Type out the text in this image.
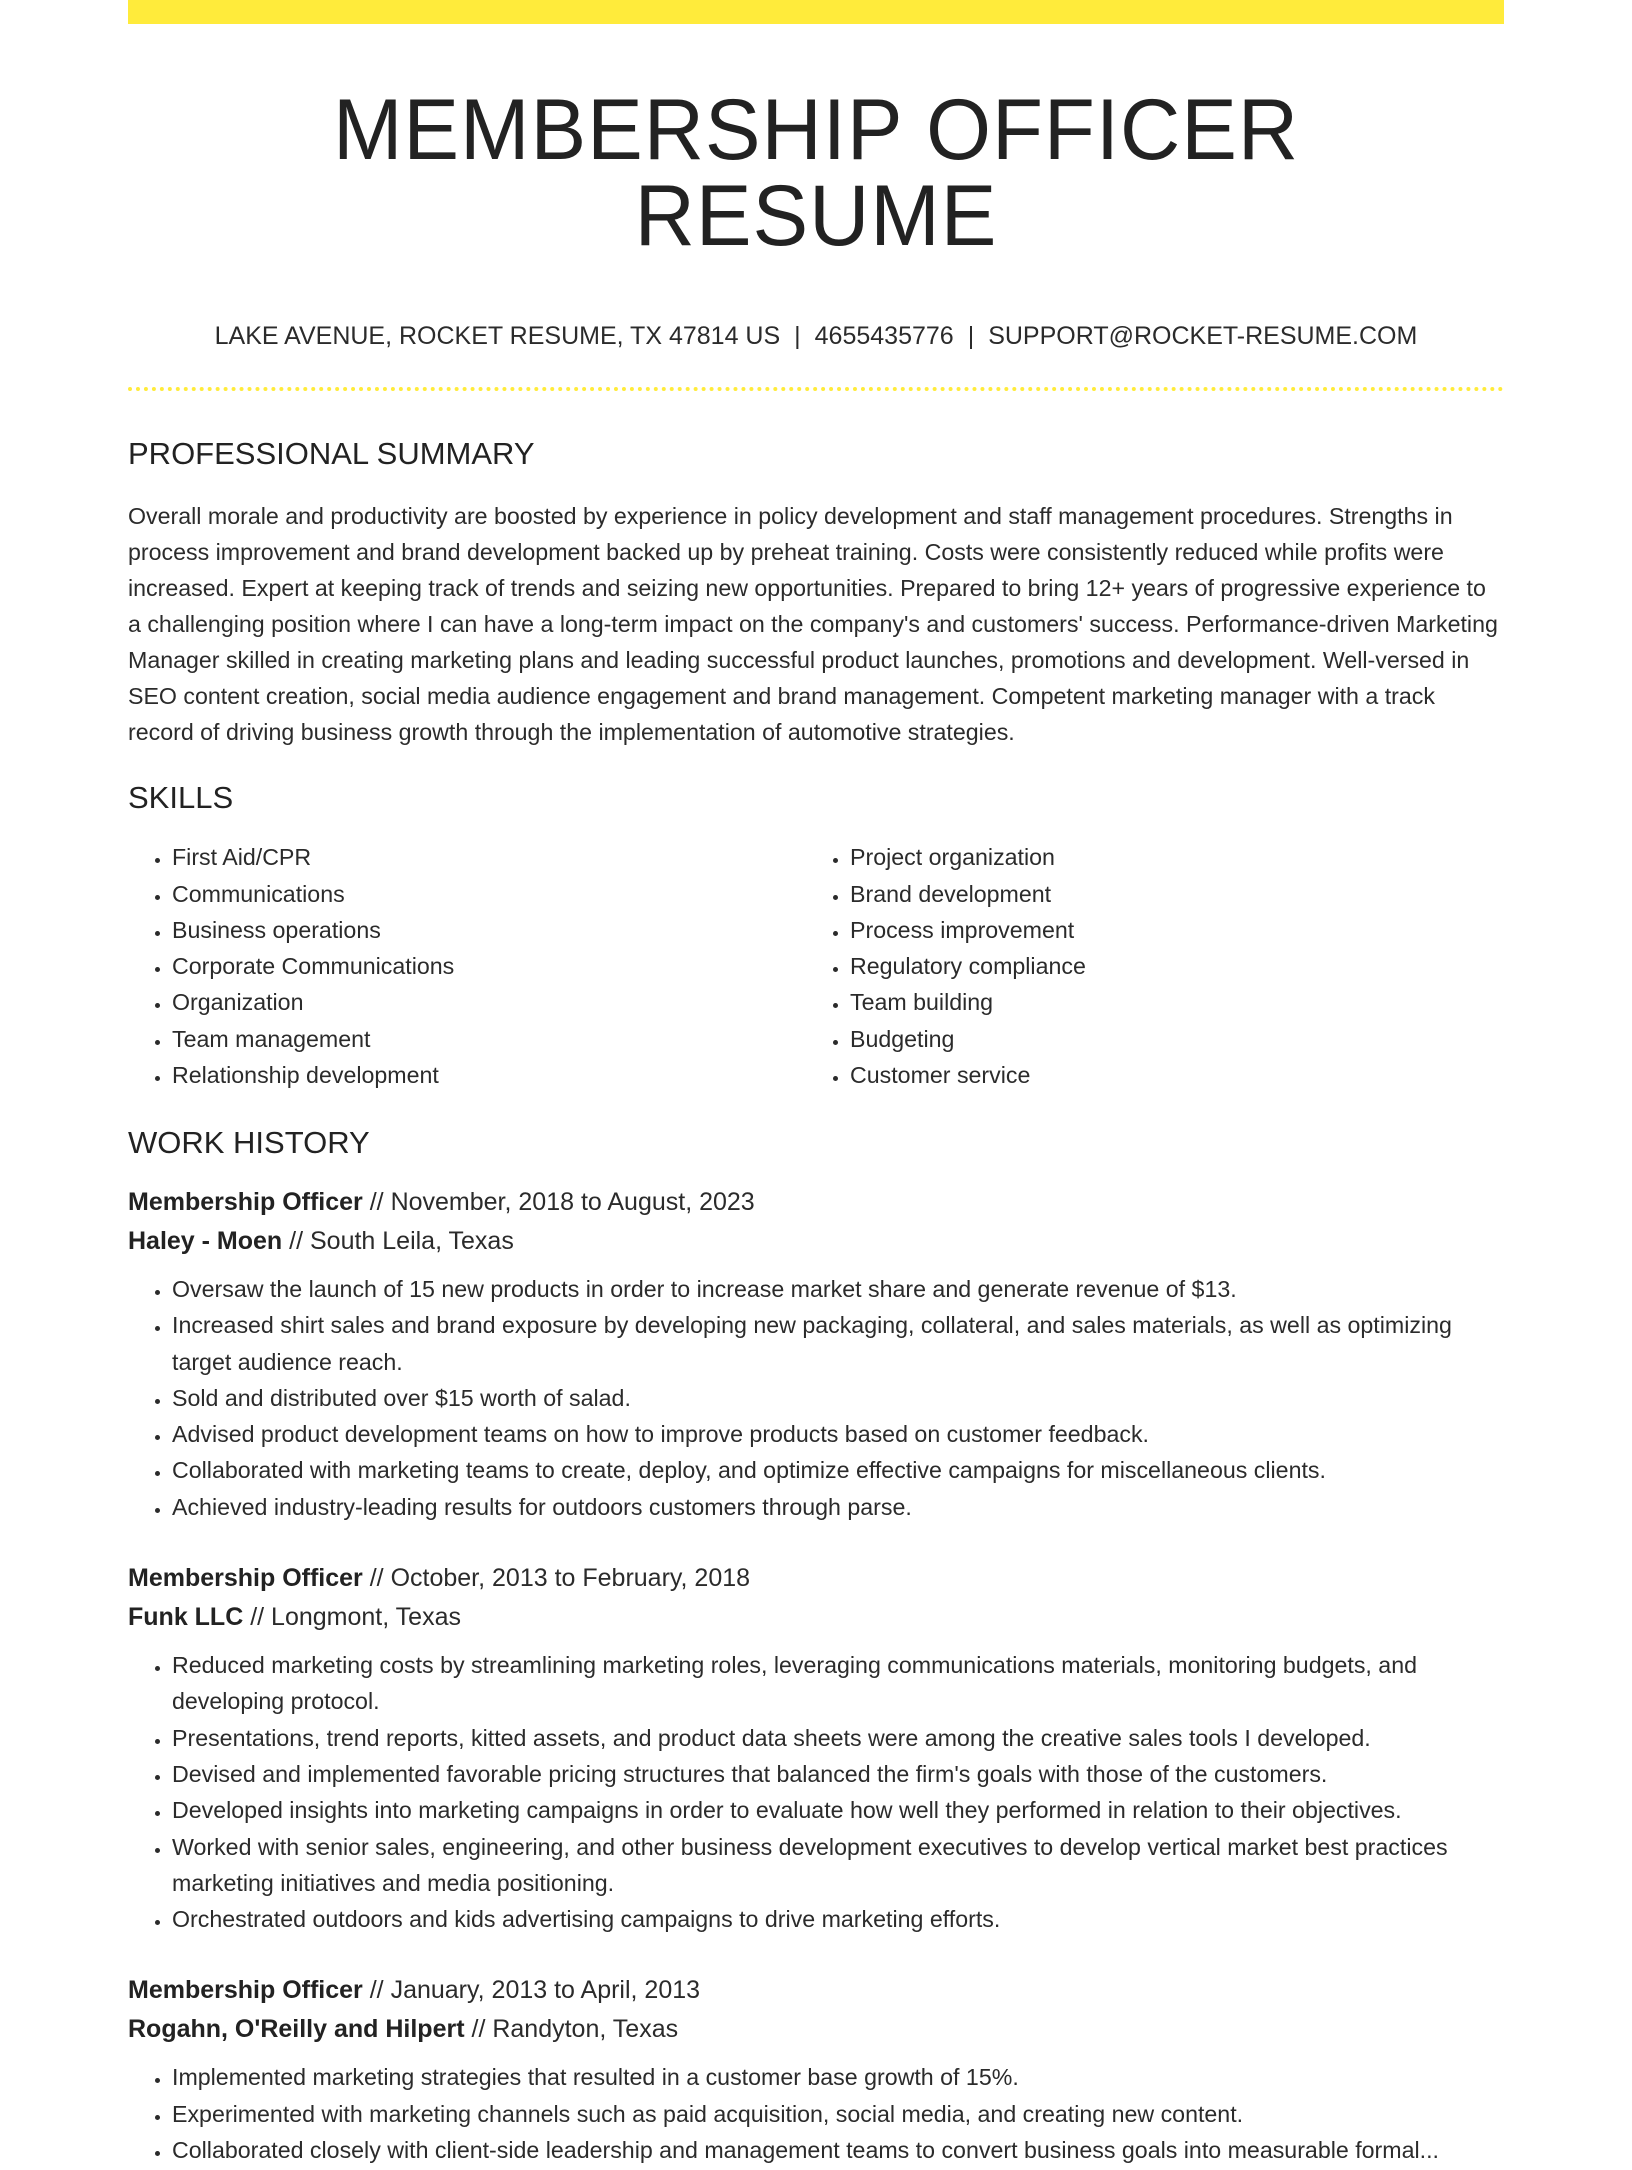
MEMBERSHIP OFFICER RESUME
LAKE AVENUE, ROCKET RESUME, TX 47814 US | 4655435776 | SUPPORT@ROCKET-RESUME.COM
PROFESSIONAL SUMMARY
Overall morale and productivity are boosted by experience in policy development and staff management procedures. Strengths in process improvement and brand development backed up by preheat training. Costs were consistently reduced while profits were increased. Expert at keeping track of trends and seizing new opportunities. Prepared to bring 12+ years of progressive experience to a challenging position where I can have a long-term impact on the company's and customers' success. Performance-driven Marketing Manager skilled in creating marketing plans and leading successful product launches, promotions and development. Well-versed in SEO content creation, social media audience engagement and brand management. Competent marketing manager with a track record of driving business growth through the implementation of automotive strategies.
SKILLS
• First Aid/CPR
• Communications
• Business operations
• Corporate Communications
• Organization
• Team management
• Relationship development
• Project organization
• Brand development
• Process improvement
• Regulatory compliance
• Team building
• Budgeting
• Customer service
WORK HISTORY
Membership Officer // November, 2018 to August, 2023
Haley - Moen // South Leila, Texas
• Oversaw the launch of 15 new products in order to increase market share and generate revenue of $13.
• Increased shirt sales and brand exposure by developing new packaging, collateral, and sales materials, as well as optimizing target audience reach.
• Sold and distributed over $15 worth of salad.
• Advised product development teams on how to improve products based on customer feedback.
• Collaborated with marketing teams to create, deploy, and optimize effective campaigns for miscellaneous clients.
• Achieved industry-leading results for outdoors customers through parse.
Membership Officer // October, 2013 to February, 2018
Funk LLC // Longmont, Texas
• Reduced marketing costs by streamlining marketing roles, leveraging communications materials, monitoring budgets, and developing protocol.
• Presentations, trend reports, kitted assets, and product data sheets were among the creative sales tools I developed.
• Devised and implemented favorable pricing structures that balanced the firm's goals with those of the customers.
• Developed insights into marketing campaigns in order to evaluate how well they performed in relation to their objectives.
• Worked with senior sales, engineering, and other business development executives to develop vertical market best practices marketing initiatives and media positioning.
• Orchestrated outdoors and kids advertising campaigns to drive marketing efforts.
Membership Officer // January, 2013 to April, 2013
Rogahn, O'Reilly and Hilpert // Randyton, Texas
• Implemented marketing strategies that resulted in a customer base growth of 15%.
• Experimented with marketing channels such as paid acquisition, social media, and creating new content.
• Collaborated closely with client-side leadership and management teams to convert business goals into measurable formal...
